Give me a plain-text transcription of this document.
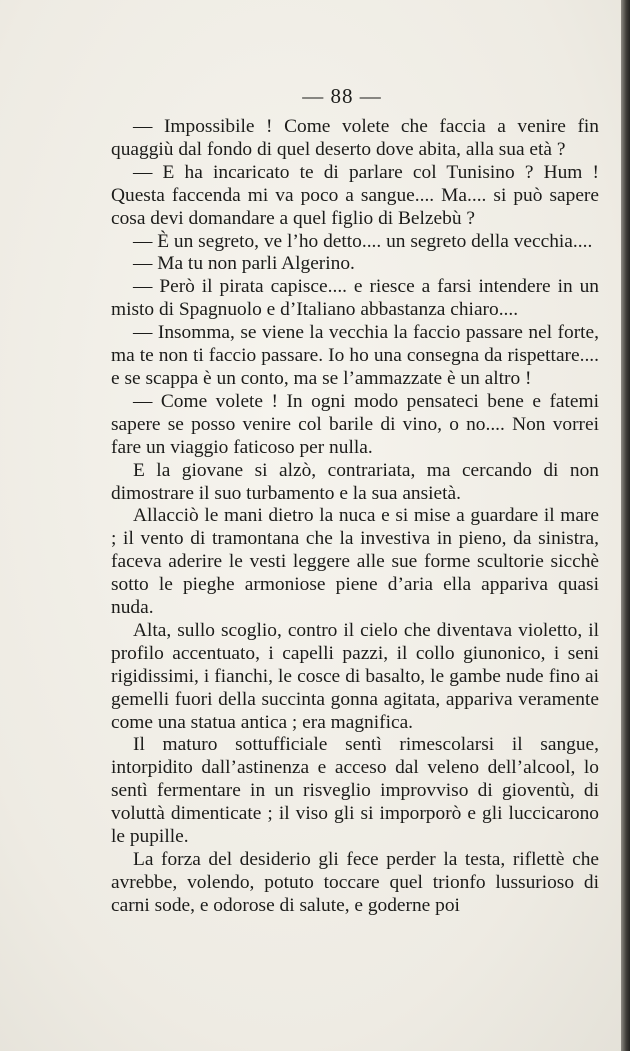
— 88 —

— Impossibile ! Come volete che faccia a venire fin quaggiù dal fondo di quel deserto dove abita, alla sua età ?

— E ha incaricato te di parlare col Tunisino ? Hum ! Questa faccenda mi va poco a sangue.... Ma.... si può sapere cosa devi domandare a quel figlio di Belzebù ?

— È un segreto, ve l’ho detto.... un segreto della vecchia....

— Ma tu non parli Algerino.

— Però il pirata capisce.... e riesce a farsi intendere in un misto di Spagnuolo e d’Italiano abbastanza chiaro....

— Insomma, se viene la vecchia la faccio passare nel forte, ma te non ti faccio passare. Io ho una consegna da rispettare.... e se scappa è un conto, ma se l’ammazzate è un altro !

— Come volete ! In ogni modo pensateci bene e fatemi sapere se posso venire col barile di vino, o no.... Non vorrei fare un viaggio faticoso per nulla.

E la giovane si alzò, contrariata, ma cercando di non dimostrare il suo turbamento e la sua ansietà.

Allacciò le mani dietro la nuca e si mise a guardare il mare ; il vento di tramontana che la investiva in pieno, da sinistra, faceva aderire le vesti leggere alle sue forme scultorie sicchè sotto le pieghe armoniose piene d’aria ella appariva quasi nuda.

Alta, sullo scoglio, contro il cielo che diventava violetto, il profilo accentuato, i capelli pazzi, il collo giunonico, i seni rigidissimi, i fianchi, le cosce di basalto, le gambe nude fino ai gemelli fuori della succinta gonna agitata, appariva veramente come una statua antica ; era magnifica.

Il maturo sottufficiale sentì rimescolarsi il sangue, intorpidito dall’astinenza e acceso dal veleno dell’alcool, lo sentì fermentare in un risveglio improvviso di gioventù, di voluttà dimenticate ; il viso gli si imporporò e gli luccicarono le pupille.

La forza del desiderio gli fece perder la testa, riflettè che avrebbe, volendo, potuto toccare quel trionfo lussurioso di carni sode, e odorose di salute, e goderne poi
